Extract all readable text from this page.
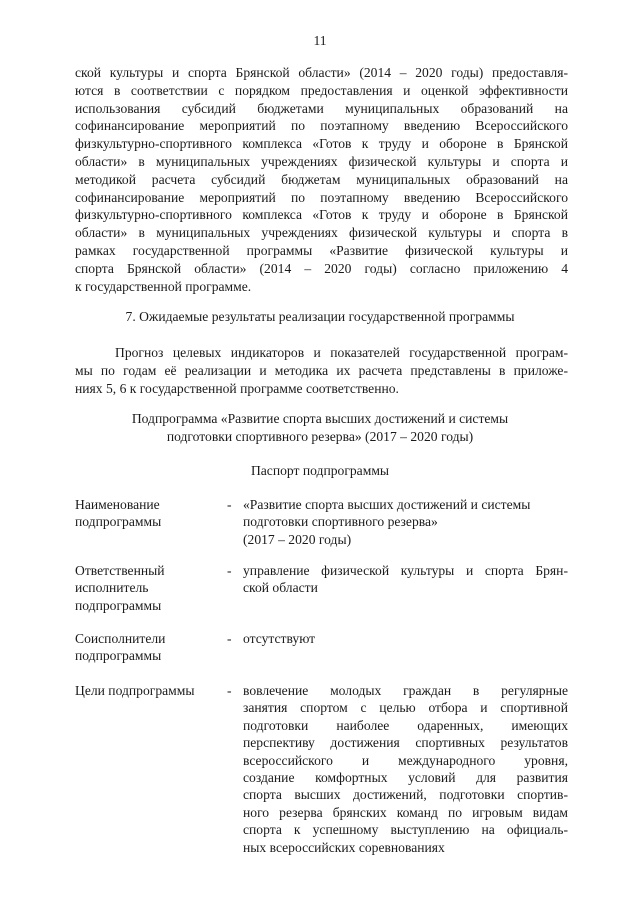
11
ской культуры и спорта Брянской области» (2014 – 2020 годы) предоставля-
ются в соответствии с порядком предоставления и оценкой эффективности
использования субсидий бюджетами муниципальных образований на
софинансирование мероприятий по поэтапному введению Всероссийского
физкультурно-спортивного комплекса «Готов к труду и обороне в Брянской
области» в муниципальных учреждениях физической культуры и спорта и
методикой расчета субсидий бюджетам муниципальных образований на
софинансирование мероприятий по поэтапному введению Всероссийского
физкультурно-спортивного комплекса «Готов к труду и обороне в Брянской
области» в муниципальных учреждениях физической культуры и спорта в
рамках государственной программы «Развитие физической культуры и
спорта Брянской области» (2014 – 2020 годы) согласно приложению 4
к государственной программе.
7. Ожидаемые результаты реализации государственной программы
Прогноз целевых индикаторов и показателей государственной програм-
мы по годам её реализации и методика их расчета представлены в приложе-
ниях 5, 6 к государственной программе соответственно.
Подпрограмма «Развитие спорта высших достижений и системы
подготовки спортивного резерва» (2017 – 2020 годы)
Паспорт подпрограммы
Наименование
подпрограммы
- «Развитие спорта высших достижений и системы
подготовки спортивного резерва»
(2017 – 2020 годы)
Ответственный
исполнитель
подпрограммы
- управление физической культуры и спорта Брян-
ской области
Соисполнители
подпрограммы
- отсутствуют
Цели подпрограммы	- вовлечение молодых граждан в регулярные
занятия спортом с целью отбора и спортивной
подготовки наиболее одаренных, имеющих
перспективу достижения спортивных результатов
всероссийского и международного уровня,
создание комфортных условий для развития
спорта высших достижений, подготовки спортив-
ного резерва брянских команд по игровым видам
спорта к успешному выступлению на официаль-
ных всероссийских соревнованиях
